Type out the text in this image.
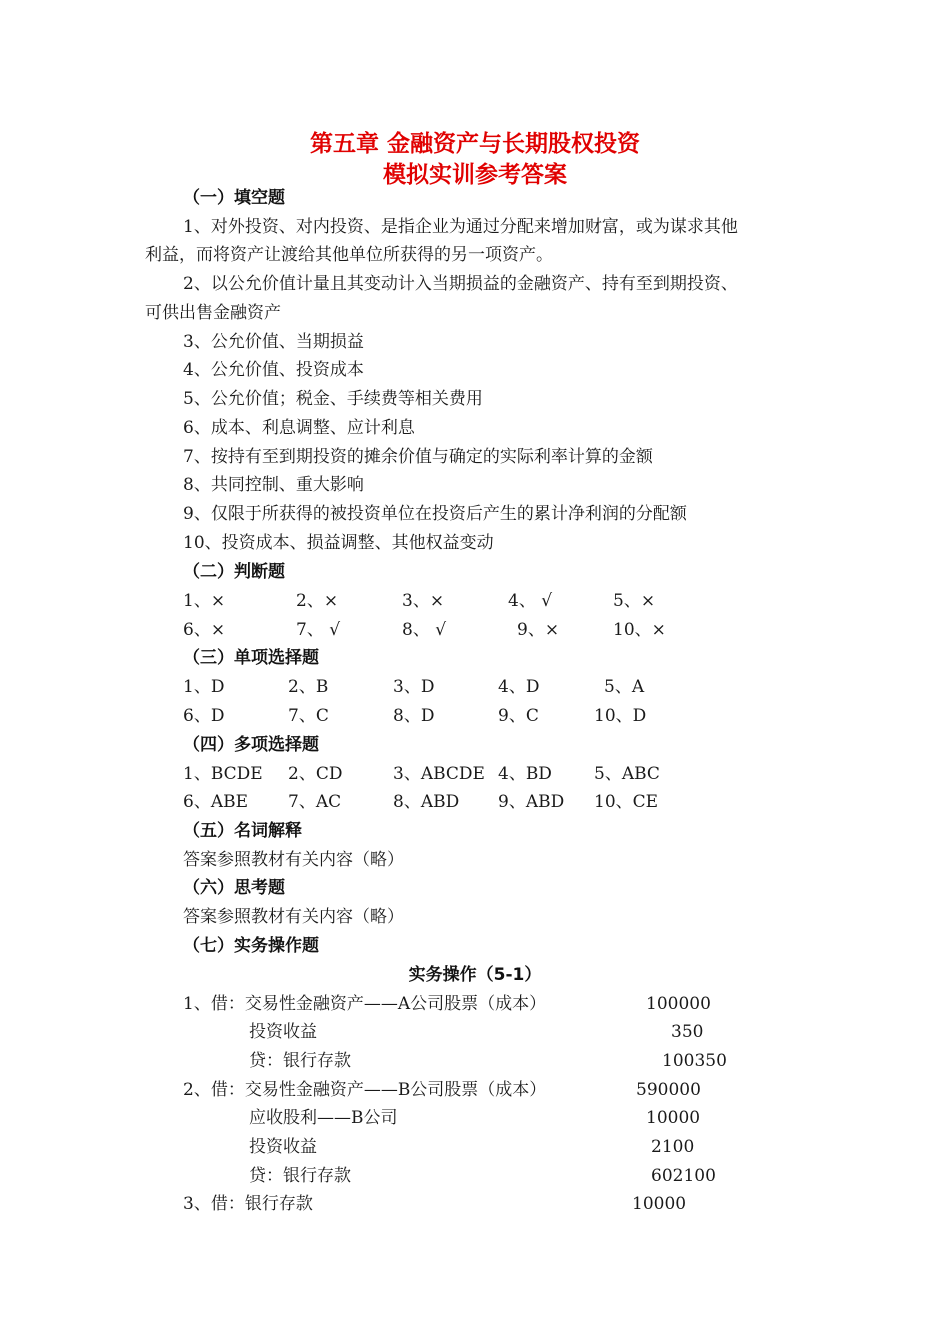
第五章 金融资产与长期股权投资
模拟实训参考答案
（一）填空题
1、对外投资、对内投资、是指企业为通过分配来增加财富，或为谋求其他
利益，而将资产让渡给其他单位所获得的另一项资产。
2、以公允价值计量且其变动计入当期损益的金融资产、持有至到期投资、
可供出售金融资产
3、公允价值、当期损益
4、公允价值、投资成本
5、公允价值；税金、手续费等相关费用
6、成本、利息调整、应计利息
7、按持有至到期投资的摊余价值与确定的实际利率计算的金额
8、共同控制、重大影响
9、仅限于所获得的被投资单位在投资后产生的累计净利润的分配额
10、投资成本、损益调整、其他权益变动
（二）判断题
1、×	2、×	3、×	4、 √	5、×
6、×	7、 √	8、 √	9、×	10、×
（三）单项选择题
1、D	2、B	3、D	4、D	5、A
6、D	7、C	8、D	9、C	10、D
（四）多项选择题
1、BCDE 2、CD	3、ABCDE 4、BD 5、ABC
6、ABE 7、AC	8、ABD 9、ABD 10、CE
（五）名词解释
答案参照教材有关内容（略）
（六）思考题
答案参照教材有关内容（略）
（七）实务操作题
实务操作（5-1）
1、借：交易性金融资产——A公司股票（成本）	100000
投资收益	350
贷：银行存款	100350
2、借：交易性金融资产——B公司股票（成本）	590000
应收股利——B公司	10000
投资收益	2100
贷：银行存款	602100
3、借：银行存款	10000
